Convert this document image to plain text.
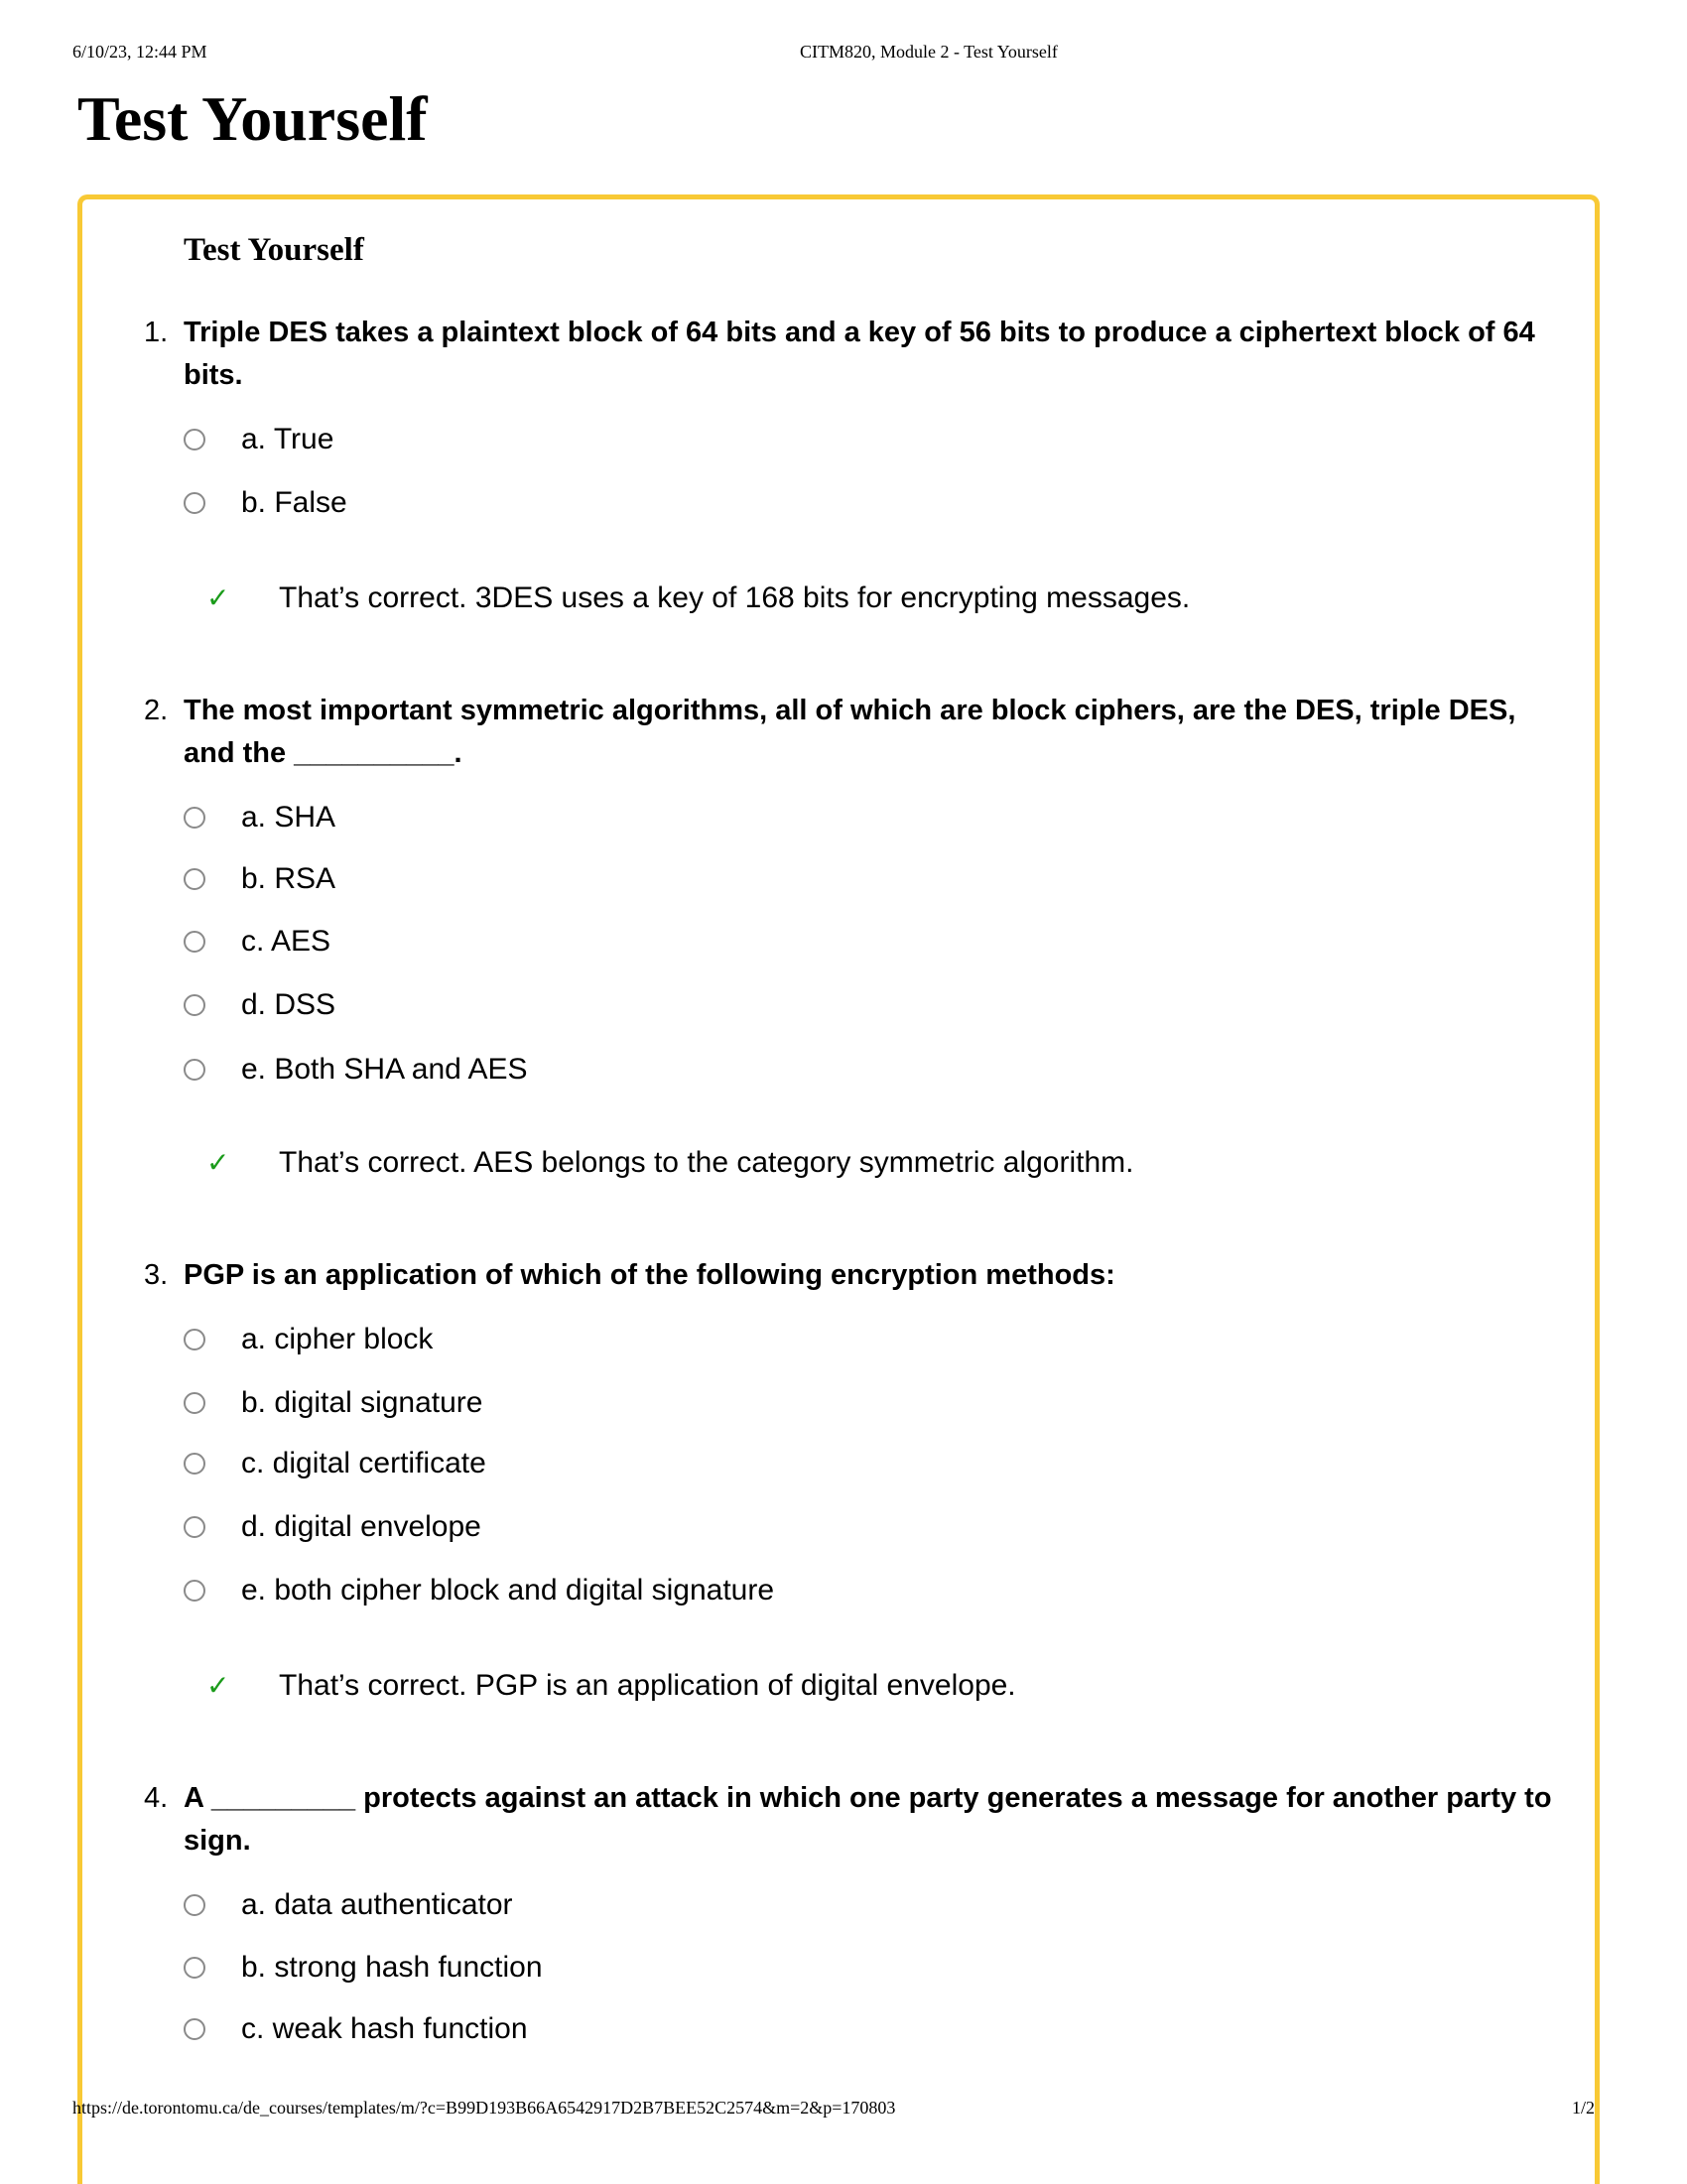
6/10/23, 12:44 PM	CITM820, Module 2 - Test Yourself
Test Yourself
Test Yourself
1. Triple DES takes a plaintext block of 64 bits and a key of 56 bits to produce a ciphertext block of 64 bits.
a. True
b. False
✓	That’s correct. 3DES uses a key of 168 bits for encrypting messages.
2. The most important symmetric algorithms, all of which are block ciphers, are the DES, triple DES, and the __________.
a. SHA
b. RSA
c. AES
d. DSS
e. Both SHA and AES
✓	That’s correct. AES belongs to the category symmetric algorithm.
3. PGP is an application of which of the following encryption methods:
a. cipher block
b. digital signature
c. digital certificate
d. digital envelope
e. both cipher block and digital signature
✓	That’s correct. PGP is an application of digital envelope.
4. A _________ protects against an attack in which one party generates a message for another party to sign.
a. data authenticator
b. strong hash function
c. weak hash function
https://de.torontomu.ca/de_courses/templates/m/?c=B99D193B66A6542917D2B7BEE52C2574&m=2&p=170803	1/2
